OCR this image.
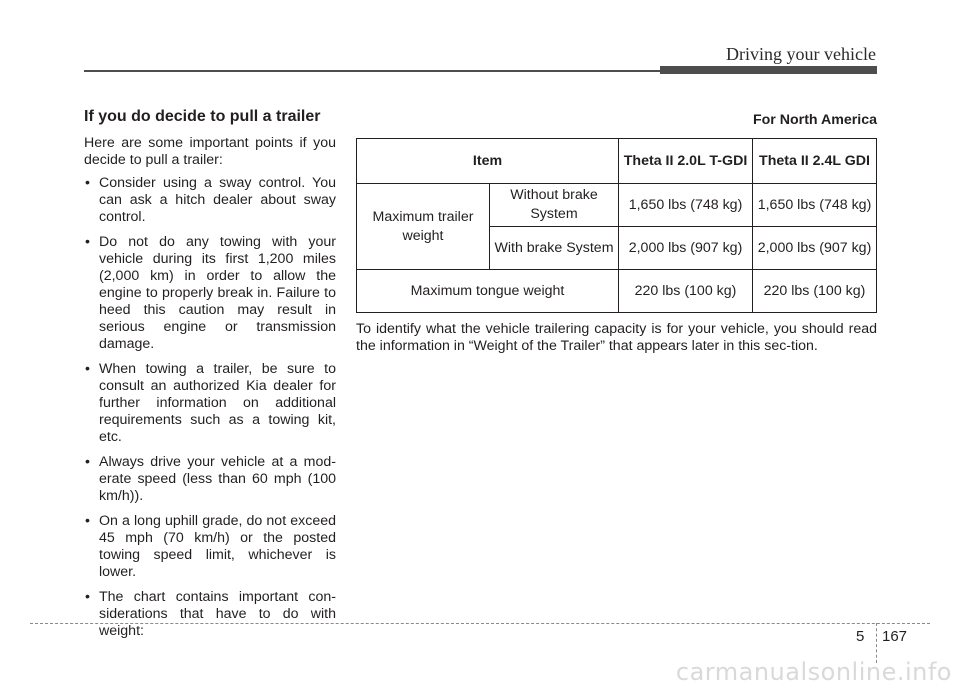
Driving your vehicle
If you do decide to pull a trailer

Here are some important points if you decide to pull a trailer:

• Consider using a sway control. You can ask a hitch dealer about sway control.
• Do not do any towing with your vehicle during its first 1,200 miles (2,000 km) in order to allow the engine to properly break in. Failure to heed this caution may result in serious engine or transmission damage.
• When towing a trailer, be sure to consult an authorized Kia dealer for further information on additional requirements such as a towing kit, etc.
• Always drive your vehicle at a mod-erate speed (less than 60 mph (100 km/h)).
• On a long uphill grade, do not exceed 45 mph (70 km/h) or the posted towing speed limit, whichever is lower.
• The chart contains important con-siderations that have to do with weight:
For North America
Item		Theta II 2.0L T-GDI	Theta II 2.4L GDI
Maximum trailer weight	Without brake System	1,650 lbs (748 kg)	1,650 lbs (748 kg)
	With brake System	2,000 lbs (907 kg)	2,000 lbs (907 kg)
Maximum tongue weight		220 lbs (100 kg)	220 lbs (100 kg)

To identify what the vehicle trailering capacity is for your vehicle, you should read the information in “Weight of the Trailer” that appears later in this sec-tion.

5 167
carmanualsonline.info
